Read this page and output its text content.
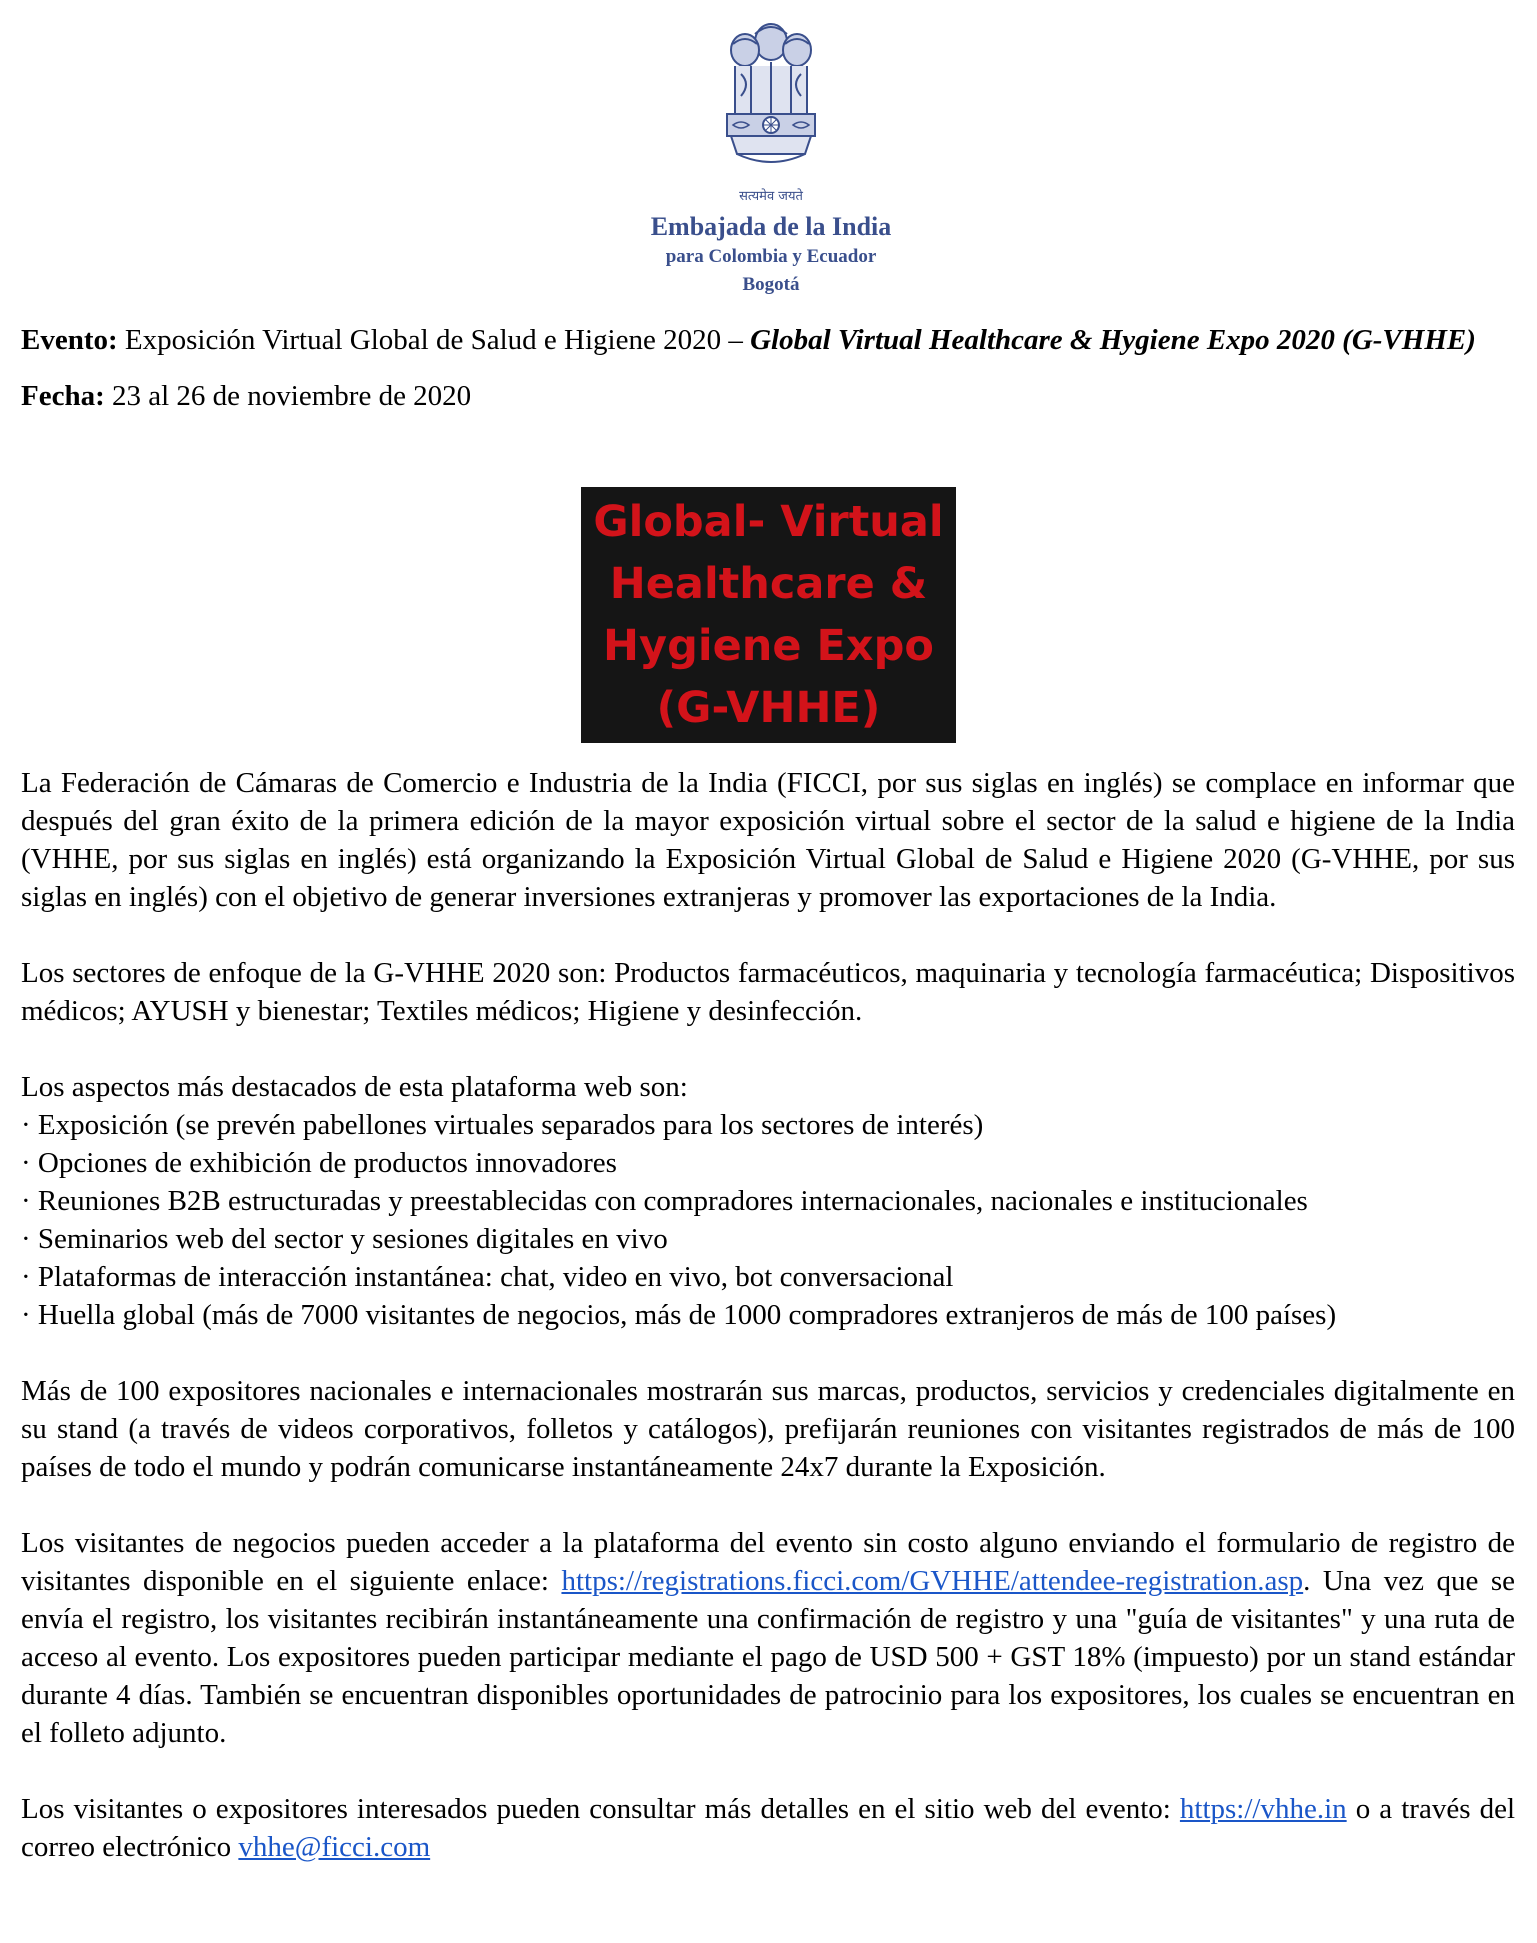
सत्यमेव जयते
Embajada de la India
para Colombia y Ecuador
Bogotá

Evento: Exposición Virtual Global de Salud e Higiene 2020 – Global Virtual Healthcare & Hygiene Expo 2020 (G-VHHE)

Fecha: 23 al 26 de noviembre de 2020

Global- Virtual
Healthcare &
Hygiene Expo
(G-VHHE)

La Federación de Cámaras de Comercio e Industria de la India (FICCI, por sus siglas en inglés) se complace en informar que después del gran éxito de la primera edición de la mayor exposición virtual sobre el sector de la salud e higiene de la India (VHHE, por sus siglas en inglés) está organizando la Exposición Virtual Global de Salud e Higiene 2020 (G-VHHE, por sus siglas en inglés) con el objetivo de generar inversiones extranjeras y promover las exportaciones de la India.

Los sectores de enfoque de la G-VHHE 2020 son: Productos farmacéuticos, maquinaria y tecnología farmacéutica; Dispositivos médicos; AYUSH y bienestar; Textiles médicos; Higiene y desinfección.

Los aspectos más destacados de esta plataforma web son:

· Exposición (se prevén pabellones virtuales separados para los sectores de interés)

· Opciones de exhibición de productos innovadores

· Reuniones B2B estructuradas y preestablecidas con compradores internacionales, nacionales e institucionales

· Seminarios web del sector y sesiones digitales en vivo

· Plataformas de interacción instantánea: chat, video en vivo, bot conversacional

· Huella global (más de 7000 visitantes de negocios, más de 1000 compradores extranjeros de más de 100 países)

Más de 100 expositores nacionales e internacionales mostrarán sus marcas, productos, servicios y credenciales digitalmente en su stand (a través de videos corporativos, folletos y catálogos), prefijarán reuniones con visitantes registrados de más de 100 países de todo el mundo y podrán comunicarse instantáneamente 24x7 durante la Exposición.

Los visitantes de negocios pueden acceder a la plataforma del evento sin costo alguno enviando el formulario de registro de visitantes disponible en el siguiente enlace: https://registrations.ficci.com/GVHHE/attendee-registration.asp. Una vez que se envía el registro, los visitantes recibirán instantáneamente una confirmación de registro y una "guía de visitantes" y una ruta de acceso al evento. Los expositores pueden participar mediante el pago de USD 500 + GST 18% (impuesto) por un stand estándar durante 4 días. También se encuentran disponibles oportunidades de patrocinio para los expositores, los cuales se encuentran en el folleto adjunto.

Los visitantes o expositores interesados pueden consultar más detalles en el sitio web del evento: https://vhhe.in o a través del correo electrónico vhhe@ficci.com
